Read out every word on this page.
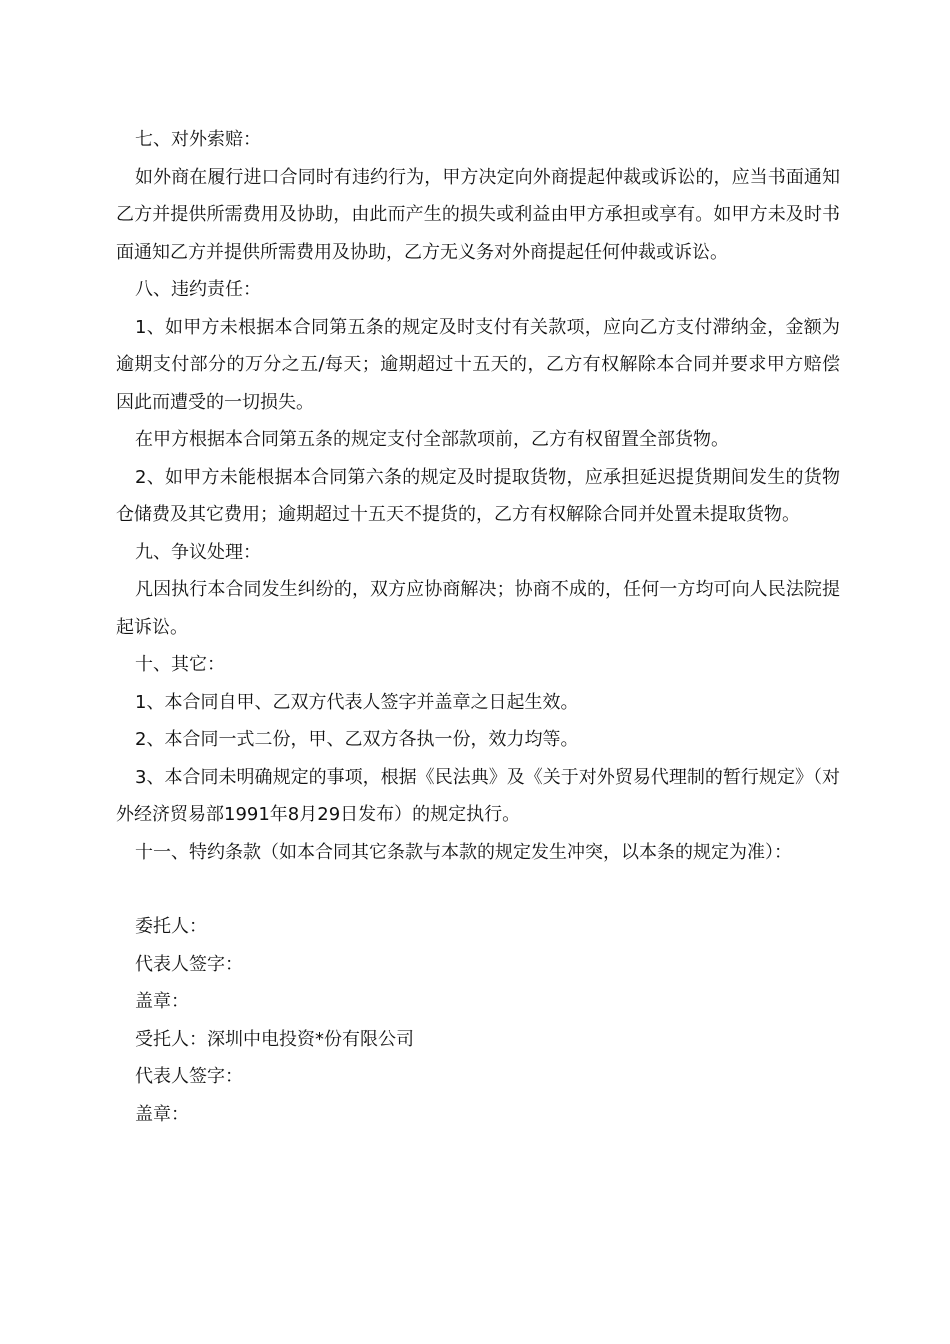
七、对外索赔：

如外商在履行进口合同时有违约行为，甲方决定向外商提起仲裁或诉讼的，应当书面通知乙方并提供所需费用及协助，由此而产生的损失或利益由甲方承担或享有。如甲方未及时书面通知乙方并提供所需费用及协助，乙方无义务对外商提起任何仲裁或诉讼。

八、违约责任：

1、如甲方未根据本合同第五条的规定及时支付有关款项，应向乙方支付滞纳金，金额为逾期支付部分的万分之五/每天；逾期超过十五天的，乙方有权解除本合同并要求甲方赔偿因此而遭受的一切损失。

在甲方根据本合同第五条的规定支付全部款项前，乙方有权留置全部货物。

2、如甲方未能根据本合同第六条的规定及时提取货物，应承担延迟提货期间发生的货物仓储费及其它费用；逾期超过十五天不提货的，乙方有权解除合同并处置未提取货物。

九、争议处理：

凡因执行本合同发生纠纷的，双方应协商解决；协商不成的，任何一方均可向人民法院提起诉讼。

十、其它：

1、本合同自甲、乙双方代表人签字并盖章之日起生效。

2、本合同一式二份，甲、乙双方各执一份，效力均等。

3、本合同未明确规定的事项，根据《民法典》及《关于对外贸易代理制的暂行规定》（对外经济贸易部1991年8月29日发布）的规定执行。

十一、特约条款（如本合同其它条款与本款的规定发生冲突，以本条的规定为准）：

委托人：

代表人签字：

盖章：

受托人：深圳中电投资*份有限公司

代表人签字：

盖章：
